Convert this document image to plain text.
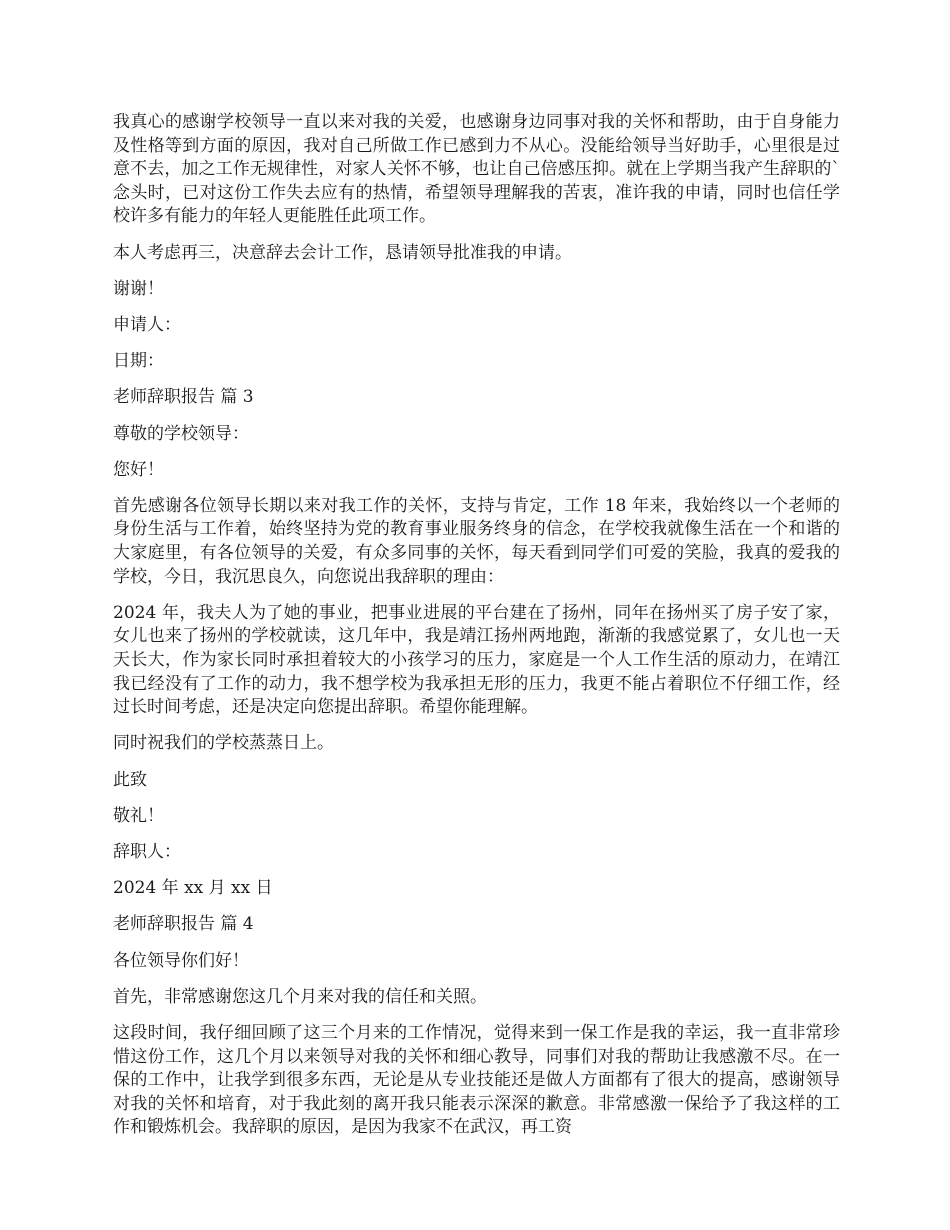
我真心的感谢学校领导一直以来对我的关爱，也感谢身边同事对我的关怀和帮助，由于自身能力及性格等到方面的原因，我对自己所做工作已感到力不从心。没能给领导当好助手，心里很是过意不去，加之工作无规律性，对家人关怀不够，也让自己倍感压抑。就在上学期当我产生辞职的`念头时，已对这份工作失去应有的热情，希望领导理解我的苦衷，准许我的申请，同时也信任学校许多有能力的年轻人更能胜任此项工作。

本人考虑再三，决意辞去会计工作，恳请领导批准我的申请。

谢谢！

申请人：

日期：

老师辞职报告 篇 3

尊敬的学校领导：

您好！

首先感谢各位领导长期以来对我工作的关怀，支持与肯定，工作 18 年来，我始终以一个老师的身份生活与工作着，始终坚持为党的教育事业服务终身的信念，在学校我就像生活在一个和谐的大家庭里，有各位领导的关爱，有众多同事的关怀，每天看到同学们可爱的笑脸，我真的爱我的学校，今日，我沉思良久，向您说出我辞职的理由：

2024 年，我夫人为了她的事业，把事业进展的平台建在了扬州，同年在扬州买了房子安了家，女儿也来了扬州的学校就读，这几年中，我是靖江扬州两地跑，渐渐的我感觉累了，女儿也一天天长大，作为家长同时承担着较大的小孩学习的压力，家庭是一个人工作生活的原动力，在靖江我已经没有了工作的动力，我不想学校为我承担无形的压力，我更不能占着职位不仔细工作，经过长时间考虑，还是决定向您提出辞职。希望你能理解。

同时祝我们的学校蒸蒸日上。

此致

敬礼！

辞职人：

2024 年 xx 月 xx 日

老师辞职报告 篇 4

各位领导你们好！

首先，非常感谢您这几个月来对我的信任和关照。

这段时间，我仔细回顾了这三个月来的工作情况，觉得来到一保工作是我的幸运，我一直非常珍惜这份工作，这几个月以来领导对我的关怀和细心教导，同事们对我的帮助让我感激不尽。在一保的工作中，让我学到很多东西，无论是从专业技能还是做人方面都有了很大的提高，感谢领导对我的关怀和培育，对于我此刻的离开我只能表示深深的歉意。非常感激一保给予了我这样的工作和锻炼机会。我辞职的原因，是因为我家不在武汉，再工资
